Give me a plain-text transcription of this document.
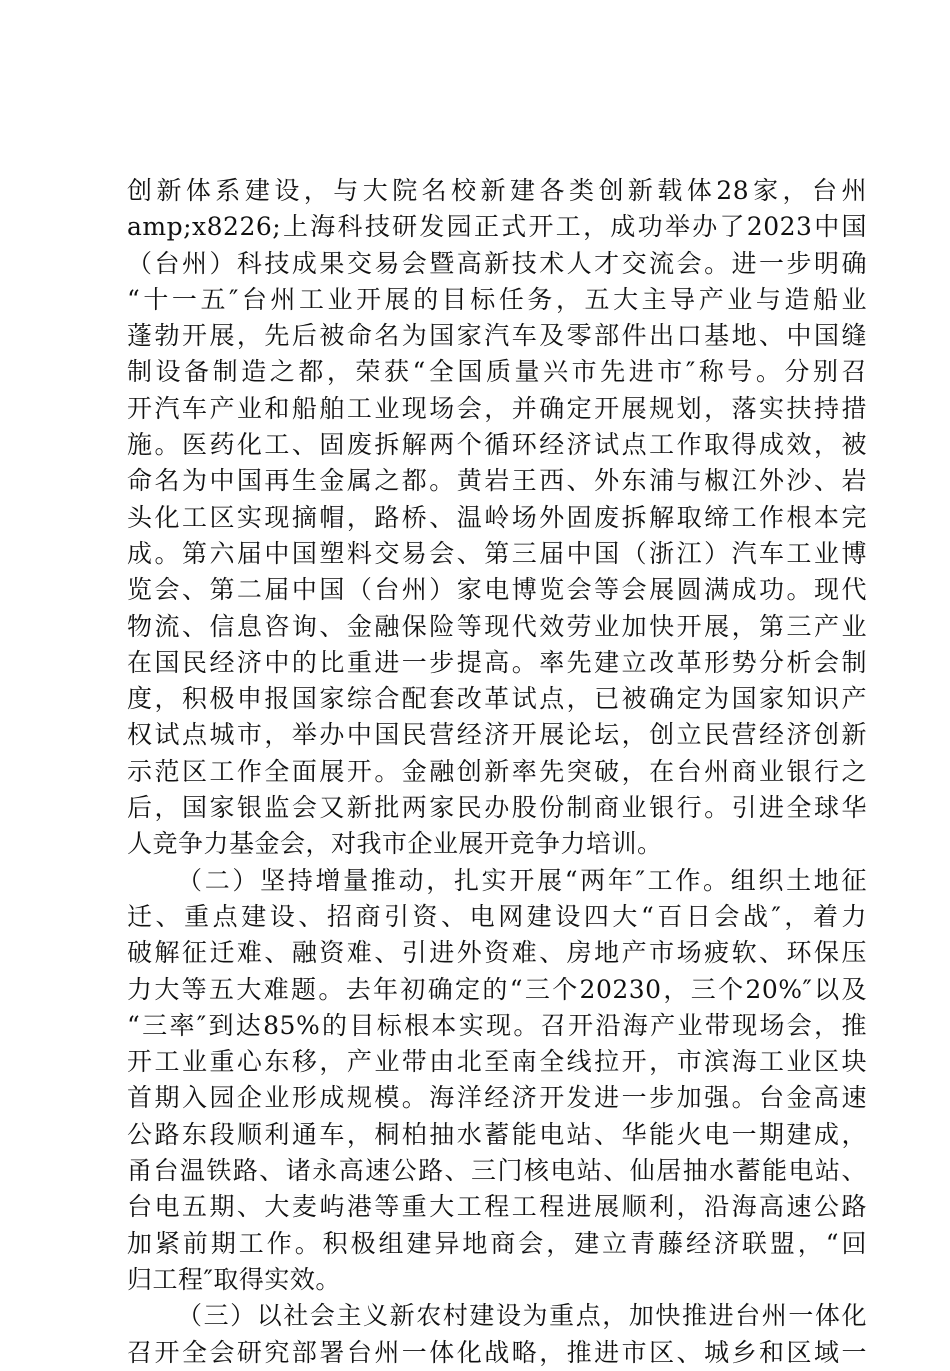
创新体系建设，与大院名校新建各类创新载体28家，台州
amp;x8226;上海科技研发园正式开工，成功举办了2023中国
（台州）科技成果交易会暨高新技术人才交流会。进一步明确
“十一五″台州工业开展的目标任务，五大主导产业与造船业
蓬勃开展，先后被命名为国家汽车及零部件出口基地、中国缝
制设备制造之都，荣获“全国质量兴市先进市″称号。分别召
开汽车产业和船舶工业现场会，并确定开展规划，落实扶持措
施。医药化工、固废拆解两个循环经济试点工作取得成效，被
命名为中国再生金属之都。黄岩王西、外东浦与椒江外沙、岩
头化工区实现摘帽，路桥、温岭场外固废拆解取缔工作根本完
成。第六届中国塑料交易会、第三届中国（浙江）汽车工业博
览会、第二届中国（台州）家电博览会等会展圆满成功。现代
物流、信息咨询、金融保险等现代效劳业加快开展，第三产业
在国民经济中的比重进一步提高。率先建立改革形势分析会制
度，积极申报国家综合配套改革试点，已被确定为国家知识产
权试点城市，举办中国民营经济开展论坛，创立民营经济创新
示范区工作全面展开。金融创新率先突破，在台州商业银行之
后，国家银监会又新批两家民办股份制商业银行。引进全球华
人竞争力基金会，对我市企业展开竞争力培训。
（二）坚持增量推动，扎实开展“两年″工作。组织土地征
迁、重点建设、招商引资、电网建设四大“百日会战″，着力
破解征迁难、融资难、引进外资难、房地产市场疲软、环保压
力大等五大难题。去年初确定的“三个20230，三个20%″以及
“三率″到达85%的目标根本实现。召开沿海产业带现场会，推
开工业重心东移，产业带由北至南全线拉开，市滨海工业区块
首期入园企业形成规模。海洋经济开发进一步加强。台金高速
公路东段顺利通车，桐柏抽水蓄能电站、华能火电一期建成，
甬台温铁路、诸永高速公路、三门核电站、仙居抽水蓄能电站、
台电五期、大麦屿港等重大工程工程进展顺利，沿海高速公路
加紧前期工作。积极组建异地商会，建立青藤经济联盟，“回
归工程″取得实效。
（三）以社会主义新农村建设为重点，加快推进台州一体化
召开全会研究部署台州一体化战略，推进市区、城乡和区域一
